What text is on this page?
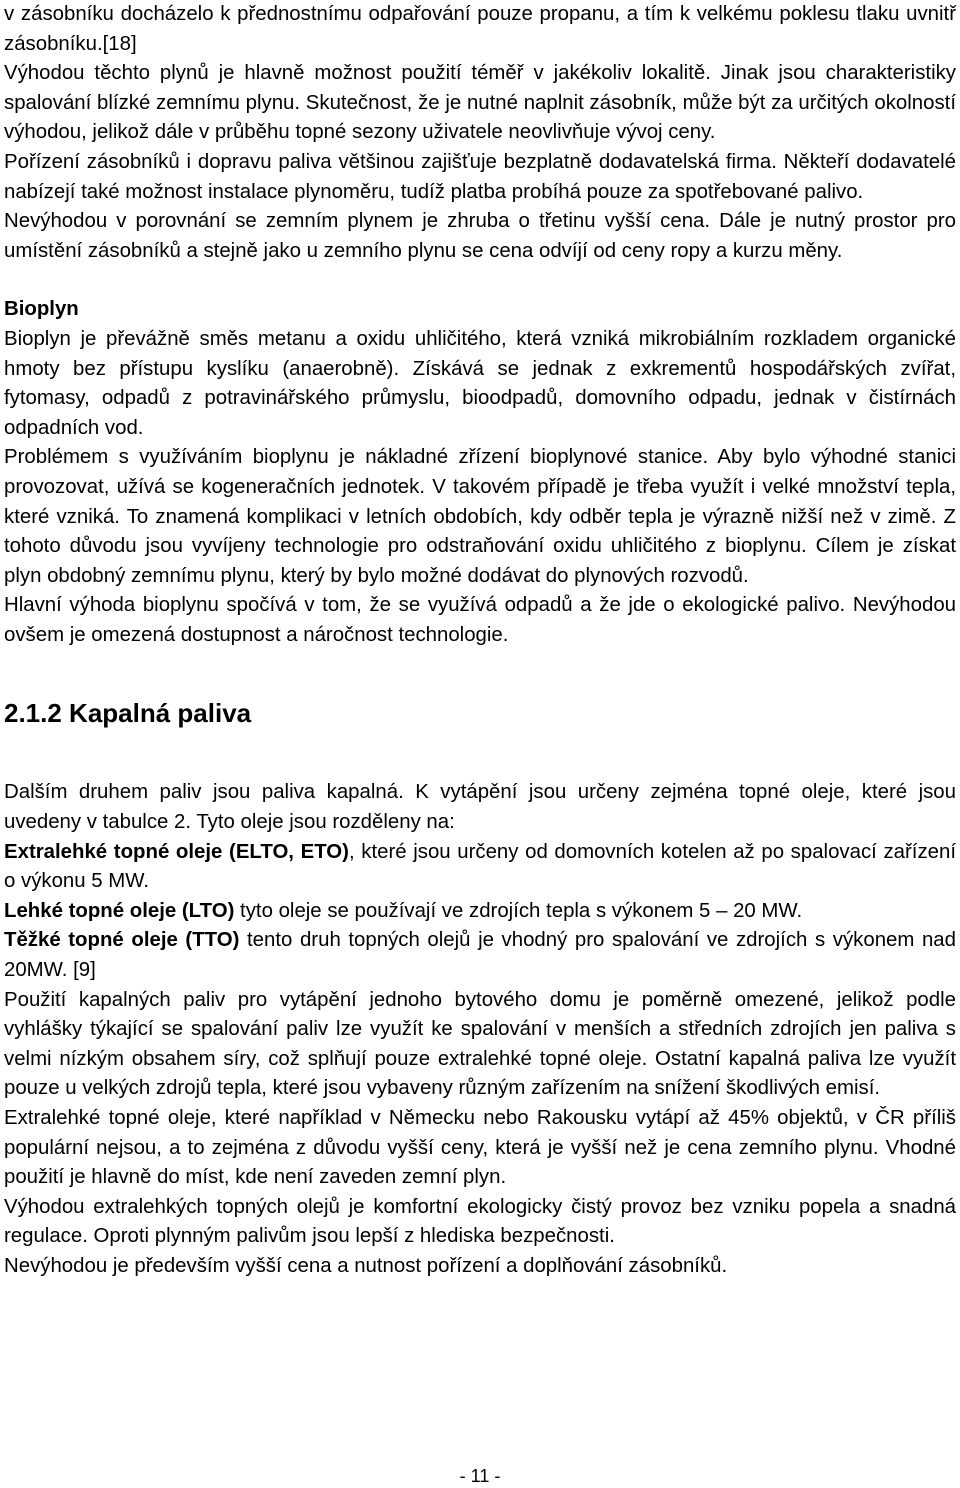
v zásobníku docházelo k přednostnímu odpařování pouze propanu, a tím k velkému poklesu tlaku uvnitř zásobníku.[18]

Výhodou těchto plynů je hlavně možnost použití téměř v jakékoliv lokalitě. Jinak jsou charakteristiky spalování blízké zemnímu plynu. Skutečnost, že je nutné naplnit zásobník, může být za určitých okolností výhodou, jelikož dále v průběhu topné sezony uživatele neovlivňuje vývoj ceny.

Pořízení zásobníků i dopravu paliva většinou zajišťuje bezplatně dodavatelská firma. Někteří dodavatelé nabízejí také možnost instalace plynoměru, tudíž platba probíhá pouze za spotřebované palivo.

Nevýhodou v porovnání se zemním plynem je zhruba o třetinu vyšší cena. Dále je nutný prostor pro umístění zásobníků a stejně jako u zemního plynu se cena odvíjí od ceny ropy a kurzu měny.

Bioplyn

Bioplyn je převážně směs metanu a oxidu uhličitého, která vzniká mikrobiálním rozkladem organické hmoty bez přístupu kyslíku (anaerobně). Získává se jednak z exkrementů hospodářských zvířat, fytomasy, odpadů z potravinářského průmyslu, bioodpadů, domovního odpadu, jednak v čistírnách odpadních vod.

Problémem s využíváním bioplynu je nákladné zřízení bioplynové stanice. Aby bylo výhodné stanici provozovat, užívá se kogeneračních jednotek. V takovém případě je třeba využít i velké množství tepla, které vzniká. To znamená komplikaci v letních obdobích, kdy odběr tepla je výrazně nižší než v zimě. Z tohoto důvodu jsou vyvíjeny technologie pro odstraňování oxidu uhličitého z bioplynu. Cílem je získat plyn obdobný zemnímu plynu, který by bylo možné dodávat do plynových rozvodů.

Hlavní výhoda bioplynu spočívá v tom, že se využívá odpadů a že jde o ekologické palivo. Nevýhodou ovšem je omezená dostupnost a náročnost technologie.

2.1.2 Kapalná paliva

Dalším druhem paliv jsou paliva kapalná. K vytápění jsou určeny zejména topné oleje, které jsou uvedeny v tabulce 2. Tyto oleje jsou rozděleny na:

Extralehké topné oleje (ELTO, ETO), které jsou určeny od domovních kotelen až po spalovací zařízení o výkonu 5 MW.

Lehké topné oleje (LTO) tyto oleje se používají ve zdrojích tepla s výkonem 5 – 20 MW.

Těžké topné oleje (TTO) tento druh topných olejů je vhodný pro spalování ve zdrojích s výkonem nad 20MW. [9]

Použití kapalných paliv pro vytápění jednoho bytového domu je poměrně omezené, jelikož podle vyhlášky týkající se spalování paliv lze využít ke spalování v menších a středních zdrojích jen paliva s velmi nízkým obsahem síry, což splňují pouze extralehké topné oleje. Ostatní kapalná paliva lze využít pouze u velkých zdrojů tepla, které jsou vybaveny různým zařízením na snížení škodlivých emisí.

Extralehké topné oleje, které například v Německu nebo Rakousku vytápí až 45% objektů, v ČR příliš populární nejsou, a to zejména z důvodu vyšší ceny, která je vyšší než je cena zemního plynu. Vhodné použití je hlavně do míst, kde není zaveden zemní plyn.

Výhodou extralehkých topných olejů je komfortní ekologicky čistý provoz bez vzniku popela a snadná regulace. Oproti plynným palivům jsou lepší z hlediska bezpečnosti.

Nevýhodou je především vyšší cena a nutnost pořízení a doplňování zásobníků.

- 11 -
